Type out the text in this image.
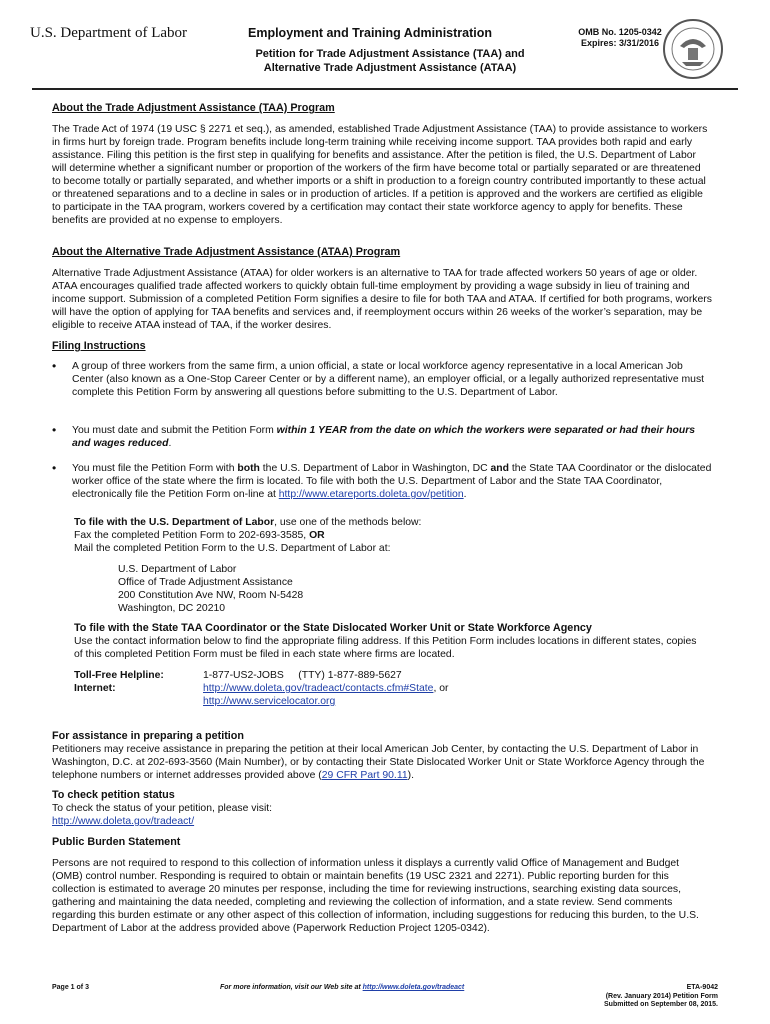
U.S. Department of Labor	Employment and Training Administration
Petition for Trade Adjustment Assistance (TAA) and
Alternative Trade Adjustment Assistance (ATAA)
OMB No. 1205-0342
Expires: 3/31/2016
About the Trade Adjustment Assistance (TAA) Program

The Trade Act of 1974 (19 USC § 2271 et seq.), as amended, established Trade Adjustment Assistance (TAA) to provide assistance to workers in firms hurt by foreign trade. Program benefits include long-term training while receiving income support. TAA provides both rapid and early assistance. Filing this petition is the first step in qualifying for benefits and assistance. After the petition is filed, the U.S. Department of Labor will determine whether a significant number or proportion of the workers of the firm have become total or partially separated or are threatened to become totally or partially separated, and whether imports or a shift in production to a foreign country contributed importantly to these actual or threatened separations and to a decline in sales or in production of articles. If a petition is approved and the workers are certified as eligible to participate in the TAA program, workers covered by a certification may contact their state workforce agency to apply for benefits. These benefits are provided at no expense to employers.

About the Alternative Trade Adjustment Assistance (ATAA) Program

Alternative Trade Adjustment Assistance (ATAA) for older workers is an alternative to TAA for trade affected workers 50 years of age or older. ATAA encourages qualified trade affected workers to quickly obtain full-time employment by providing a wage subsidy in lieu of training and income support. Submission of a completed Petition Form signifies a desire to file for both TAA and ATAA. If certified for both programs, workers will have the option of applying for TAA benefits and services and, if reemployment occurs within 26 weeks of the worker’s separation, may be eligible to receive ATAA instead of TAA, if the worker desires.

Filing Instructions
• A group of three workers from the same firm, a union official, a state or local workforce agency representative in a local American Job Center (also known as a One-Stop Career Center or by a different name), an employer official, or a legally authorized representative must complete this Petition Form by answering all questions before submitting to the U.S. Department of Labor.
• You must date and submit the Petition Form within 1 YEAR from the date on which the workers were separated or had their hours and wages reduced.
• You must file the Petition Form with both the U.S. Department of Labor in Washington, DC and the State TAA Coordinator or the dislocated worker office of the state where the firm is located. To file with both the U.S. Department of Labor and the State TAA Coordinator, electronically file the Petition Form on-line at http://www.etareports.doleta.gov/petition.
To file with the U.S. Department of Labor, use one of the methods below:
Fax the completed Petition Form to 202-693-3585, OR
Mail the completed Petition Form to the U.S. Department of Labor at:
U.S. Department of Labor
Office of Trade Adjustment Assistance
200 Constitution Ave NW, Room N-5428
Washington, DC 20210
To file with the State TAA Coordinator or the State Dislocated Worker Unit or State Workforce Agency

Use the contact information below to find the appropriate filing address. If this Petition Form includes locations in different states, copies of this completed Petition Form must be filed in each state where firms are located.

Toll-Free Helpline:	1-877-US2-JOBS     (TTY) 1-877-889-5627
Internet:	http://www.doleta.gov/tradeact/contacts.cfm#State, or
http://www.servicelocator.org
For assistance in preparing a petition

Petitioners may receive assistance in preparing the petition at their local American Job Center, by contacting the U.S. Department of Labor in Washington, D.C. at 202-693-3560 (Main Number), or by contacting their State Dislocated Worker Unit or State Workforce Agency through the telephone numbers or internet addresses provided above (29 CFR Part 90.11).

To check petition status

To check the status of your petition, please visit:

http://www.doleta.gov/tradeact/
Public Burden Statement

Persons are not required to respond to this collection of information unless it displays a currently valid Office of Management and Budget (OMB) control number. Responding is required to obtain or maintain benefits (19 USC 2321 and 2271). Public reporting burden for this collection is estimated to average 20 minutes per response, including the time for reviewing instructions, searching existing data sources, gathering and maintaining the data needed, completing and reviewing the collection of information, and a state review. Send comments regarding this burden estimate or any other aspect of this collection of information, including suggestions for reducing this burden, to the U.S. Department of Labor at the address provided above (Paperwork Reduction Project 1205-0342).

Page 1 of 3	For more information, visit our Web site at http://www.doleta.gov/tradeact	ETA-9042
(Rev. January 2014) Petition Form
Submitted on September 08, 2015.
